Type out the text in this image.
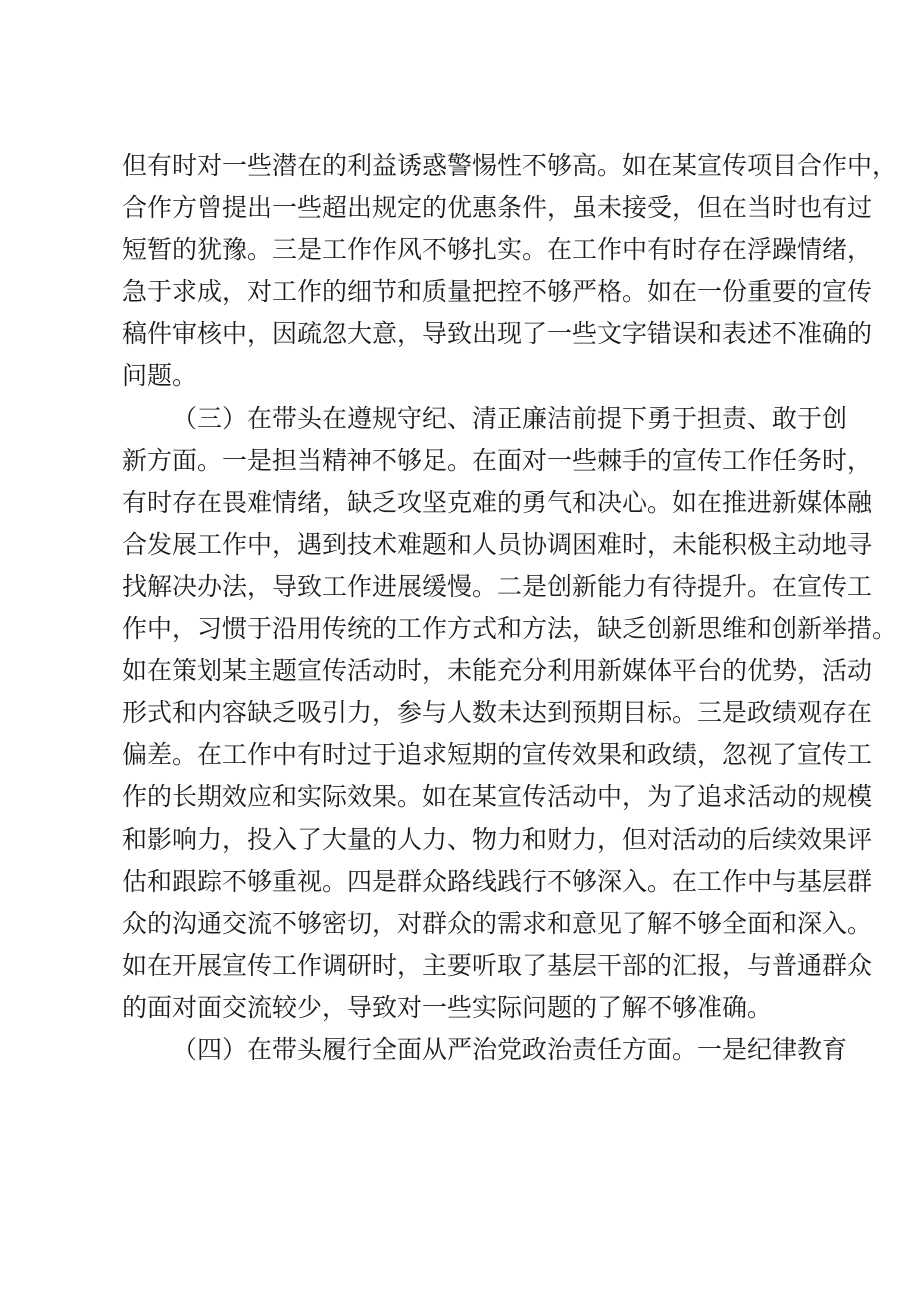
但有时对一些潜在的利益诱惑警惕性不够高。如在某宣传项目合作中，
合作方曾提出一些超出规定的优惠条件，虽未接受，但在当时也有过
短暂的犹豫。三是工作作风不够扎实。在工作中有时存在浮躁情绪，
急于求成，对工作的细节和质量把控不够严格。如在一份重要的宣传
稿件审核中，因疏忽大意，导致出现了一些文字错误和表述不准确的
问题。
（三）在带头在遵规守纪、清正廉洁前提下勇于担责、敢于创
新方面。一是担当精神不够足。在面对一些棘手的宣传工作任务时，
有时存在畏难情绪，缺乏攻坚克难的勇气和决心。如在推进新媒体融
合发展工作中，遇到技术难题和人员协调困难时，未能积极主动地寻
找解决办法，导致工作进展缓慢。二是创新能力有待提升。在宣传工
作中，习惯于沿用传统的工作方式和方法，缺乏创新思维和创新举措。
如在策划某主题宣传活动时，未能充分利用新媒体平台的优势，活动
形式和内容缺乏吸引力，参与人数未达到预期目标。三是政绩观存在
偏差。在工作中有时过于追求短期的宣传效果和政绩，忽视了宣传工
作的长期效应和实际效果。如在某宣传活动中，为了追求活动的规模
和影响力，投入了大量的人力、物力和财力，但对活动的后续效果评
估和跟踪不够重视。四是群众路线践行不够深入。在工作中与基层群
众的沟通交流不够密切，对群众的需求和意见了解不够全面和深入。
如在开展宣传工作调研时，主要听取了基层干部的汇报，与普通群众
的面对面交流较少，导致对一些实际问题的了解不够准确。
（四）在带头履行全面从严治党政治责任方面。一是纪律教育
